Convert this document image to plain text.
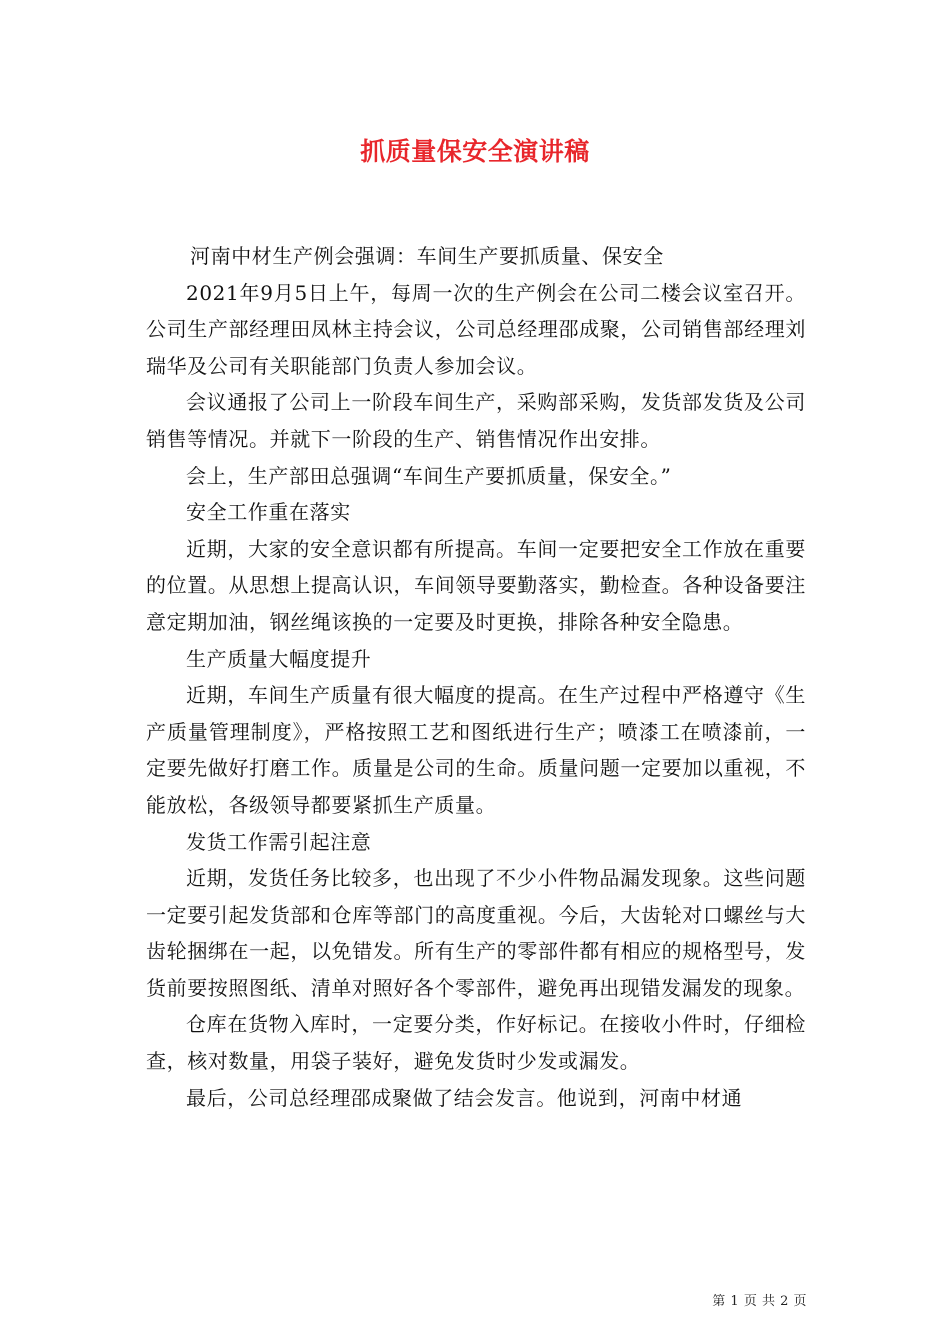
抓质量保安全演讲稿

河南中材生产例会强调：车间生产要抓质量、保安全

2021年9月5日上午，每周一次的生产例会在公司二楼会议室召开。公司生产部经理田凤林主持会议，公司总经理邵成聚，公司销售部经理刘瑞华及公司有关职能部门负责人参加会议。

会议通报了公司上一阶段车间生产，采购部采购，发货部发货及公司销售等情况。并就下一阶段的生产、销售情况作出安排。

会上，生产部田总强调“车间生产要抓质量，保安全。”

安全工作重在落实

近期，大家的安全意识都有所提高。车间一定要把安全工作放在重要的位置。从思想上提高认识，车间领导要勤落实，勤检查。各种设备要注意定期加油，钢丝绳该换的一定要及时更换，排除各种安全隐患。

生产质量大幅度提升

近期，车间生产质量有很大幅度的提高。在生产过程中严格遵守《生产质量管理制度》，严格按照工艺和图纸进行生产；喷漆工在喷漆前，一定要先做好打磨工作。质量是公司的生命。质量问题一定要加以重视，不能放松，各级领导都要紧抓生产质量。

发货工作需引起注意

近期，发货任务比较多，也出现了不少小件物品漏发现象。这些问题一定要引起发货部和仓库等部门的高度重视。今后，大齿轮对口螺丝与大齿轮捆绑在一起，以免错发。所有生产的零部件都有相应的规格型号，发货前要按照图纸、清单对照好各个零部件，避免再出现错发漏发的现象。

仓库在货物入库时，一定要分类，作好标记。在接收小件时，仔细检查，核对数量，用袋子装好，避免发货时少发或漏发。

最后，公司总经理邵成聚做了结会发言。他说到，河南中材通

第 1 页 共 2 页
